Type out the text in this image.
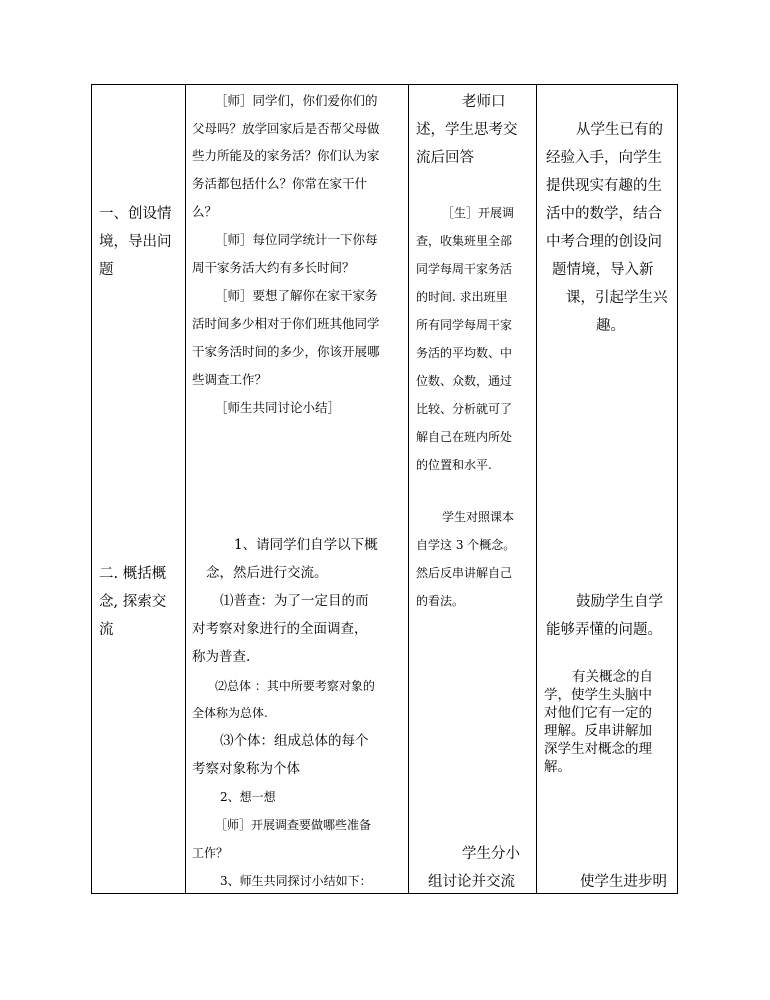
一、创设情
境，导出问
题
二. 概括概
念, 探索交
流
［师］同学们，你们爱你们的
父母吗？放学回家后是否帮父母做
些力所能及的家务活？你们认为家
务活都包括什么？你常在家干什
么？
［师］每位同学统计一下你每
周干家务活大约有多长时间？
［师］要想了解你在家干家务
活时间多少相对于你们班其他同学
干家务活时间的多少，你该开展哪
些调查工作？
［师生共同讨论小结］
1、请同学们自学以下概
念，然后进行交流。
⑴普查：为了一定目的而
对考察对象进行的全面调查，
称为普查.
⑵总体 ：其中所要考察对象的
全体称为总体.
⑶个体：组成总体的每个
考察对象称为个体
2、想一想
［师］开展调查要做哪些准备
工作？
3、师生共同探讨小结如下：
老师口
述，学生思考交
流后回答
［生］开展调
查，收集班里全部
同学每周干家务活
的时间. 求出班里
所有同学每周干家
务活的平均数、中
位数、众数，通过
比较、分析就可了
解自己在班内所处
的位置和水平.
学生对照课本
自学这 3 个概念。
然后反串讲解自己
的看法。
学生分小
组讨论并交流
从学生已有的
经验入手，向学生
提供现实有趣的生
活中的数学，结合
中考合理的创设问
题情境，导入新
课，引起学生兴
趣。
鼓励学生自学
能够弄懂的问题。
有关概念的自
学，使学生头脑中
对他们它有一定的
理解。反串讲解加
深学生对概念的理
解。
使学生进步明
